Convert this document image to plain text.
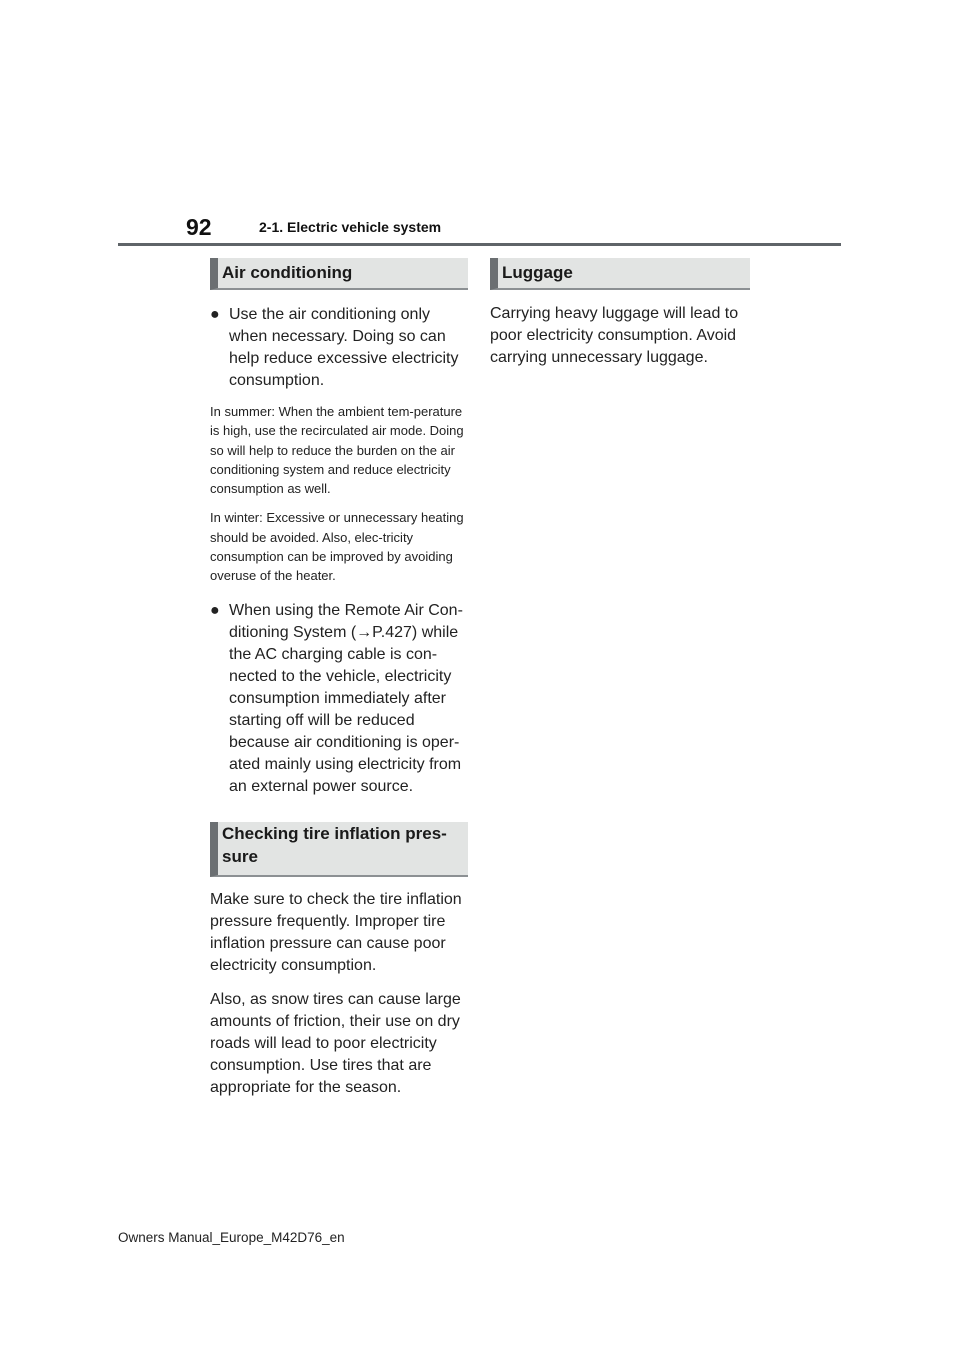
92	2-1. Electric vehicle system
Air conditioning
● Use the air conditioning only when necessary. Doing so can help reduce excessive electricity consumption.

In summer: When the ambient tem-perature is high, use the recirculated air mode. Doing so will help to reduce the burden on the air conditioning system and reduce electricity consumption as well.

In winter: Excessive or unnecessary heating should be avoided. Also, elec-tricity consumption can be improved by avoiding overuse of the heater.

● When using the Remote Air Con-ditioning System (→P.427) while the AC charging cable is con-nected to the vehicle, electricity consumption immediately after starting off will be reduced because air conditioning is oper-ated mainly using electricity from an external power source.
Checking tire inflation pres-sure

Make sure to check the tire inflation pressure frequently. Improper tire inflation pressure can cause poor electricity consumption.

Also, as snow tires can cause large amounts of friction, their use on dry roads will lead to poor electricity consumption. Use tires that are appropriate for the season.

Luggage

Carrying heavy luggage will lead to poor electricity consumption. Avoid carrying unnecessary luggage.

Owners Manual_Europe_M42D76_en
